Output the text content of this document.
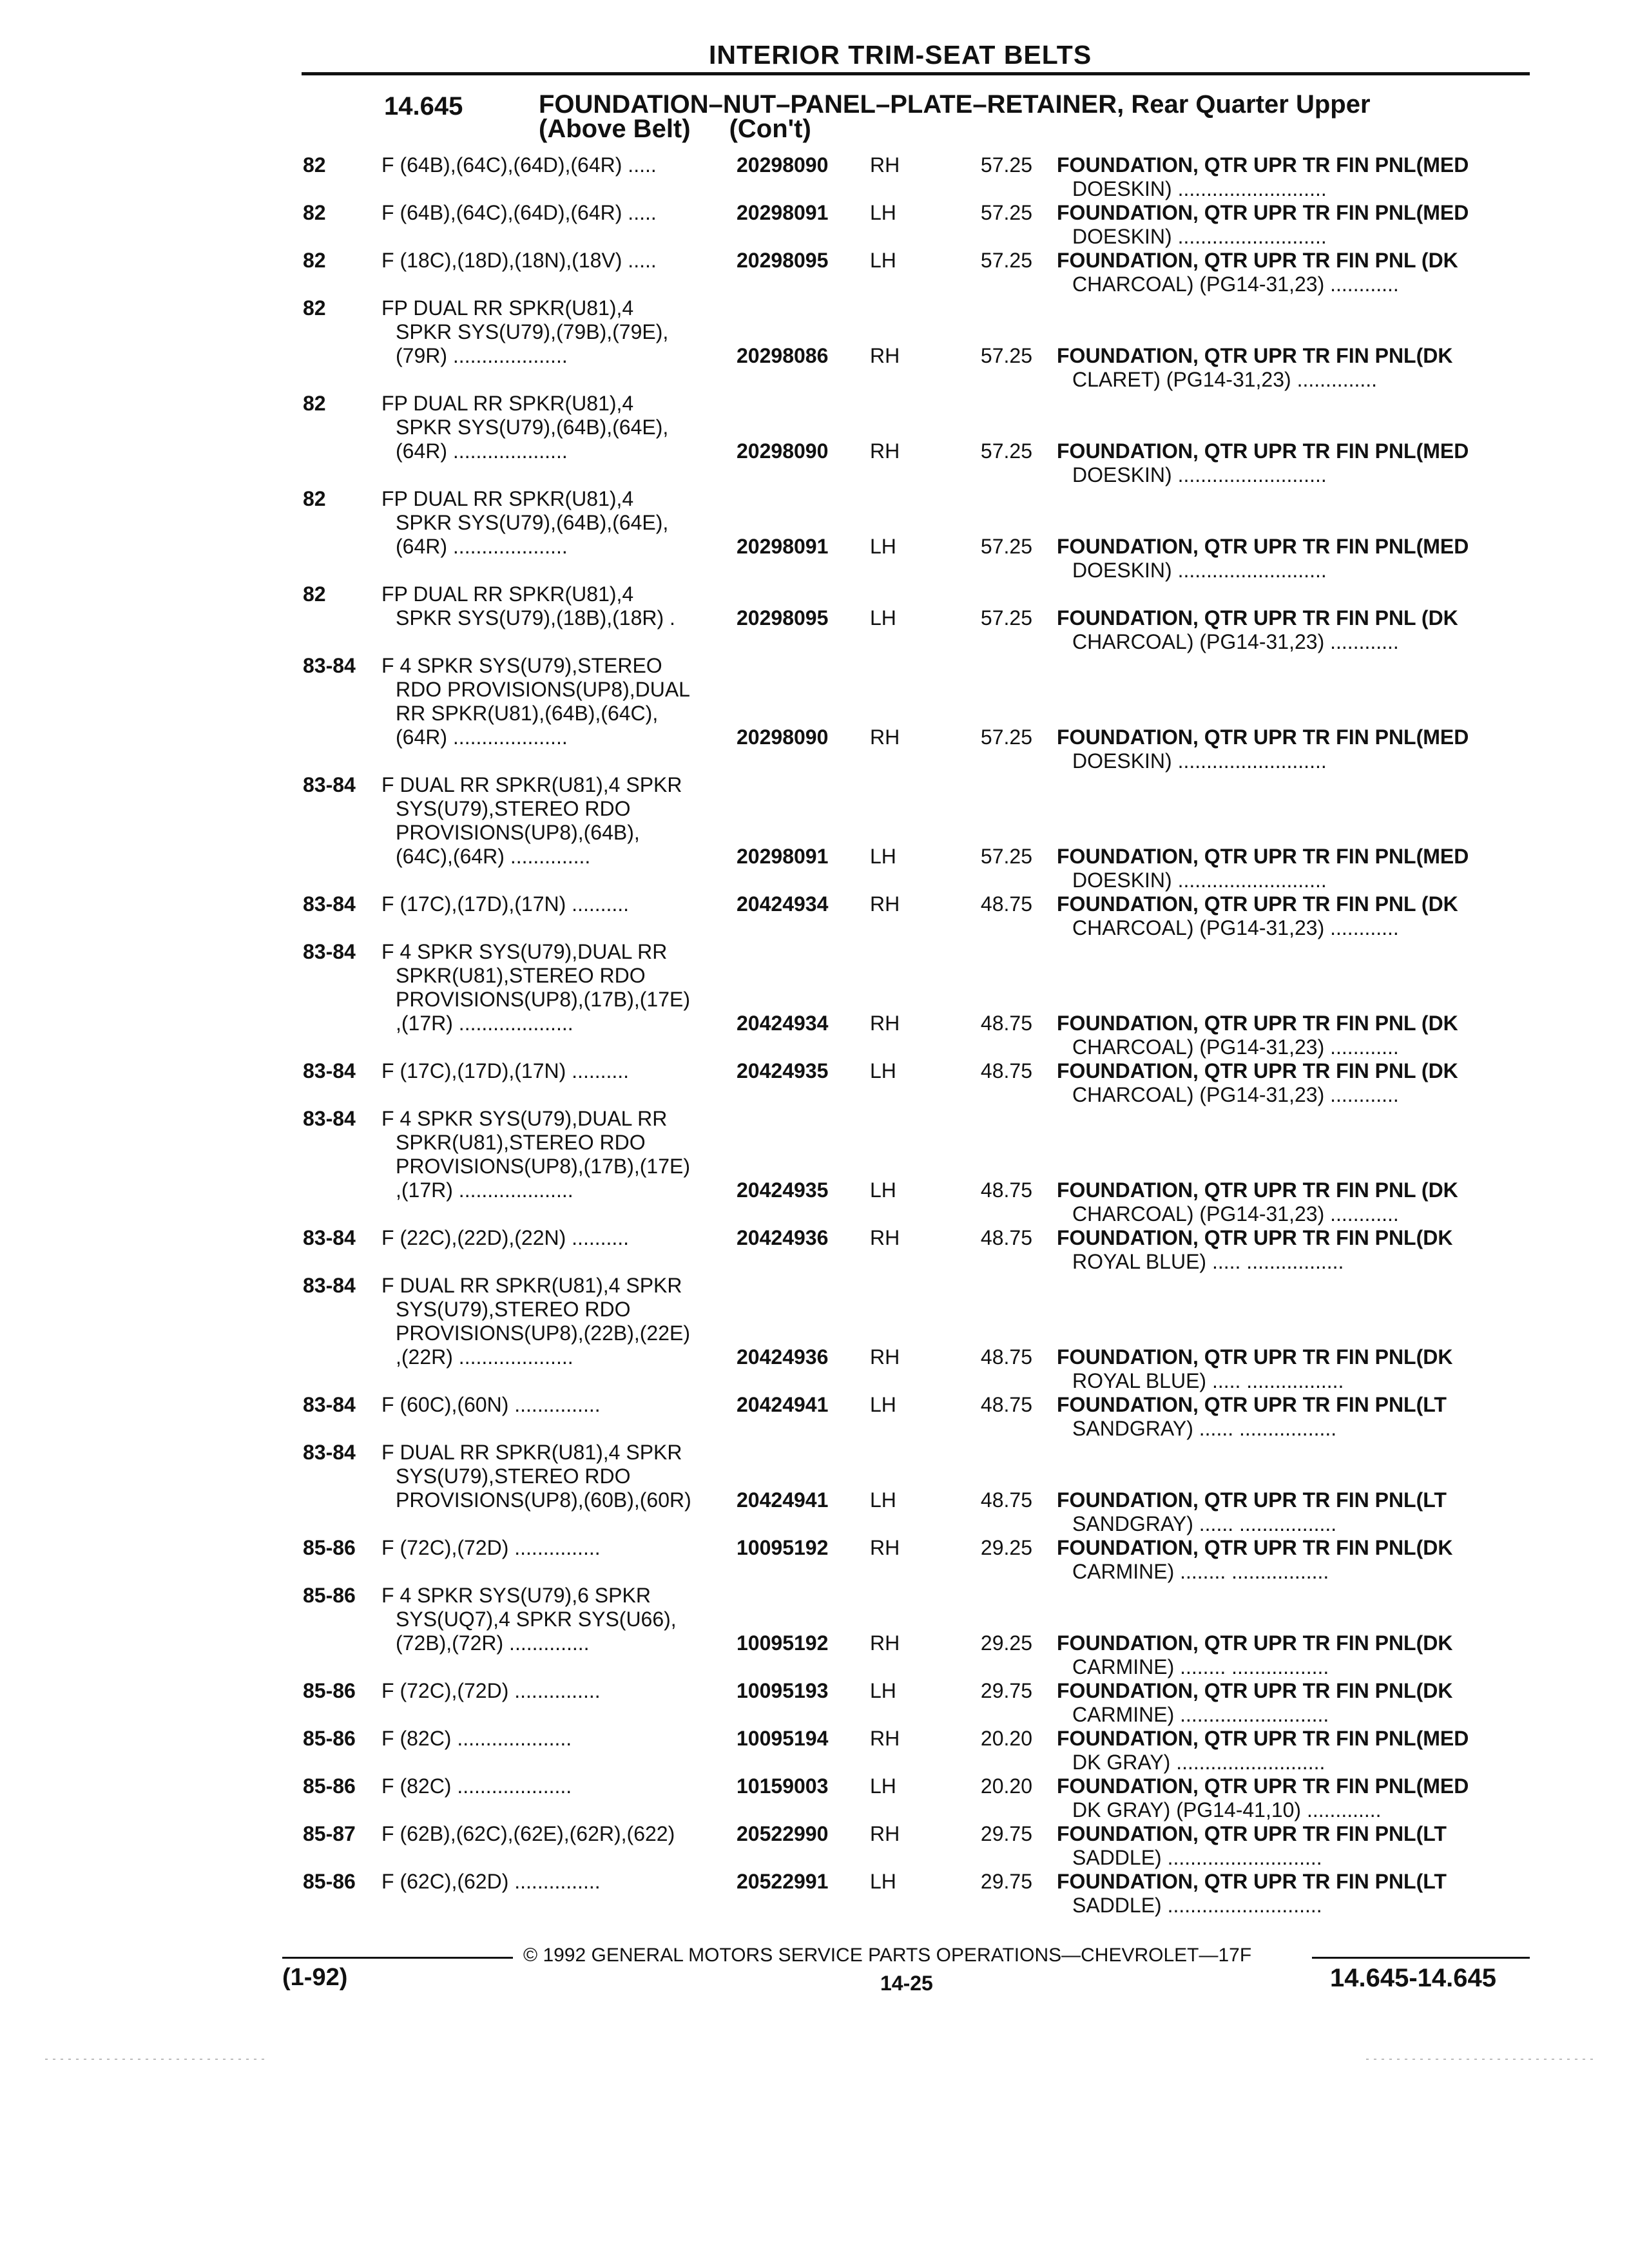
INTERIOR TRIM-SEAT BELTS
14.645	FOUNDATION–NUT–PANEL–PLATE–RETAINER, Rear Quarter Upper
(Above Belt) (Con't)
82	F (64B),(64C),(64D),(64R) .....	20298090 RH	57.25 FOUNDATION, QTR UPR TR FIN PNL(MED
DOESKIN) ..........................
82	F (64B),(64C),(64D),(64R) .....	20298091 LH	57.25 FOUNDATION, QTR UPR TR FIN PNL(MED
DOESKIN) ..........................
82	F (18C),(18D),(18N),(18V) .....	20298095 LH	57.25 FOUNDATION, QTR UPR TR FIN PNL (DK
CHARCOAL) (PG14-31,23) ............
82	FP DUAL RR SPKR(U81),4
SPKR SYS(U79),(79B),(79E),
(79R) ....................	20298086 RH	57.25 FOUNDATION, QTR UPR TR FIN PNL(DK
CLARET) (PG14-31,23) ..............
82	FP DUAL RR SPKR(U81),4
SPKR SYS(U79),(64B),(64E),
(64R) ....................	20298090 RH	57.25 FOUNDATION, QTR UPR TR FIN PNL(MED
DOESKIN) ..........................
82	FP DUAL RR SPKR(U81),4
SPKR SYS(U79),(64B),(64E),
(64R) ....................	20298091 LH	57.25 FOUNDATION, QTR UPR TR FIN PNL(MED
DOESKIN) ..........................
82	FP DUAL RR SPKR(U81),4
SPKR SYS(U79),(18B),(18R) .	20298095 LH	57.25 FOUNDATION, QTR UPR TR FIN PNL (DK
CHARCOAL) (PG14-31,23) ............
83-84 F 4 SPKR SYS(U79),STEREO
RDO PROVISIONS(UP8),DUAL
RR SPKR(U81),(64B),(64C),
(64R) ....................	20298090 RH	57.25 FOUNDATION, QTR UPR TR FIN PNL(MED
DOESKIN) ..........................
83-84 F DUAL RR SPKR(U81),4 SPKR
SYS(U79),STEREO RDO
PROVISIONS(UP8),(64B),
(64C),(64R) ..............	20298091 LH	57.25 FOUNDATION, QTR UPR TR FIN PNL(MED
DOESKIN) ..........................
83-84 F (17C),(17D),(17N) ..........	20424934 RH	48.75 FOUNDATION, QTR UPR TR FIN PNL (DK
CHARCOAL) (PG14-31,23) ............
83-84 F 4 SPKR SYS(U79),DUAL RR
SPKR(U81),STEREO RDO
PROVISIONS(UP8),(17B),(17E)
,(17R) ....................	20424934 RH	48.75 FOUNDATION, QTR UPR TR FIN PNL (DK
CHARCOAL) (PG14-31,23) ............
83-84 F (17C),(17D),(17N) ..........	20424935 LH	48.75 FOUNDATION, QTR UPR TR FIN PNL (DK
CHARCOAL) (PG14-31,23) ............
83-84 F 4 SPKR SYS(U79),DUAL RR
SPKR(U81),STEREO RDO
PROVISIONS(UP8),(17B),(17E)
,(17R) ....................	20424935 LH	48.75 FOUNDATION, QTR UPR TR FIN PNL (DK
CHARCOAL) (PG14-31,23) ............
83-84 F (22C),(22D),(22N) ..........	20424936 RH	48.75 FOUNDATION, QTR UPR TR FIN PNL(DK
ROYAL BLUE) ..... .................
83-84 F DUAL RR SPKR(U81),4 SPKR
SYS(U79),STEREO RDO
PROVISIONS(UP8),(22B),(22E)
,(22R) ....................	20424936 RH	48.75 FOUNDATION, QTR UPR TR FIN PNL(DK
ROYAL BLUE) ..... .................
83-84 F (60C),(60N) ...............	20424941 LH	48.75 FOUNDATION, QTR UPR TR FIN PNL(LT
SANDGRAY) ...... .................
83-84 F DUAL RR SPKR(U81),4 SPKR
SYS(U79),STEREO RDO
PROVISIONS(UP8),(60B),(60R)	20424941 LH	48.75 FOUNDATION, QTR UPR TR FIN PNL(LT
SANDGRAY) ...... .................
85-86 F (72C),(72D) ...............	10095192 RH	29.25 FOUNDATION, QTR UPR TR FIN PNL(DK
CARMINE) ........ .................
85-86 F 4 SPKR SYS(U79),6 SPKR
SYS(UQ7),4 SPKR SYS(U66),
(72B),(72R) ..............	10095192 RH	29.25 FOUNDATION, QTR UPR TR FIN PNL(DK
CARMINE) ........ .................
85-86 F (72C),(72D) ...............	10095193 LH	29.75 FOUNDATION, QTR UPR TR FIN PNL(DK
CARMINE) ..........................
85-86 F (82C) ....................	10095194 RH	20.20 FOUNDATION, QTR UPR TR FIN PNL(MED
DK GRAY) ..........................
85-86 F (82C) ....................	10159003 LH	20.20 FOUNDATION, QTR UPR TR FIN PNL(MED
DK GRAY) (PG14-41,10) .............
85-87 F (62B),(62C),(62E),(62R),(622)	20522990 RH	29.75 FOUNDATION, QTR UPR TR FIN PNL(LT
SADDLE) ...........................
85-86 F (62C),(62D) ...............	20522991 LH	29.75 FOUNDATION, QTR UPR TR FIN PNL(LT
SADDLE) ...........................
© 1992 GENERAL MOTORS SERVICE PARTS OPERATIONS—CHEVROLET—17F
(1-92)	14-25	14.645-14.645
